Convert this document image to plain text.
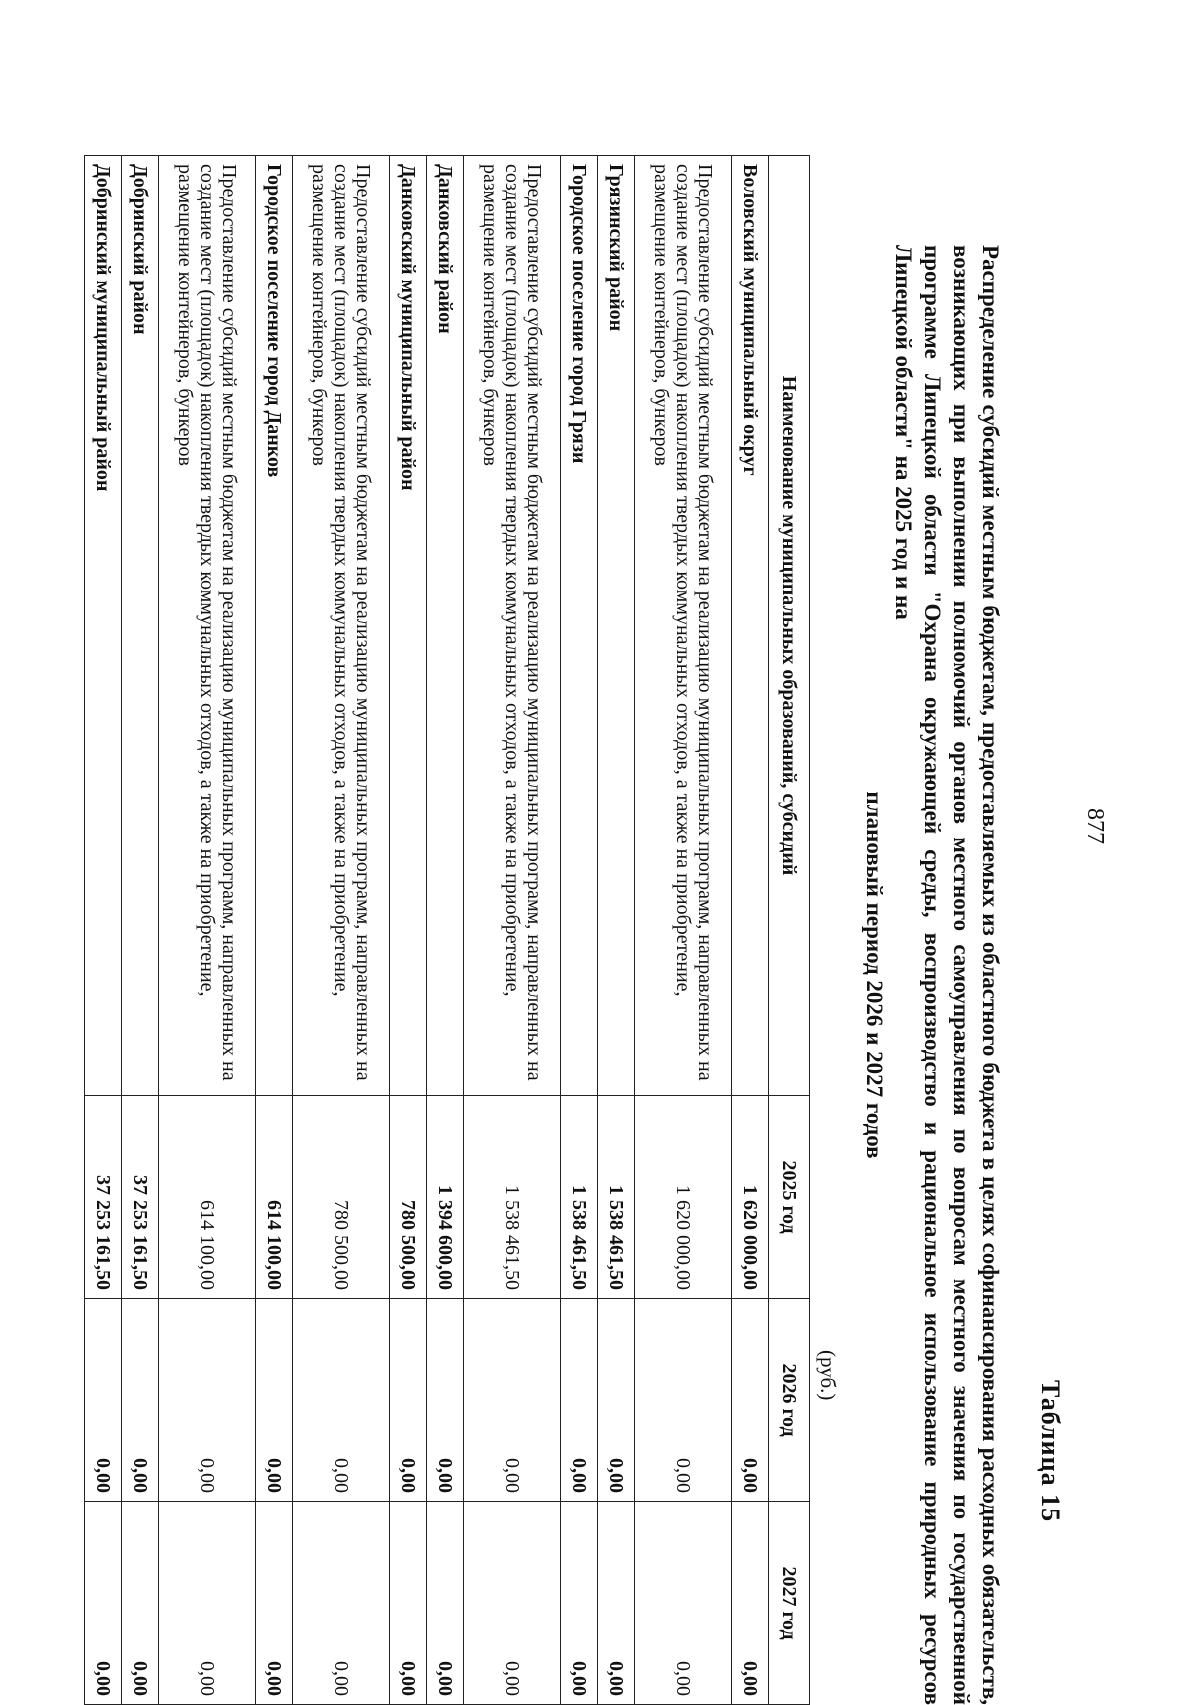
877
Таблица 15
Распределение субсидий местным бюджетам, предоставляемых из областного бюджета в целях софинансирования расходных обязательств, возникающих при выполнении полномочий органов местного самоуправления по вопросам местного значения по государственной программе Липецкой области "Охрана окружающей среды, воспроизводство и рациональное использование природных ресурсов Липецкой области" на 2025 год и на
плановый период 2026 и 2027 годов
(руб.)
Наименование муниципальных образований, субсидий	2025 год	2026 год	2027 год
Воловский муниципальный округ	1 620 000,00	0,00	0,00
Предоставление субсидий местным бюджетам на реализацию муниципальных программ, направленных на создание мест (площадок) накопления твердых коммунальных отходов, а также на приобретение, размещение контейнеров, бункеров	1 620 000,00	0,00	0,00
Грязинский район	1 538 461,50	0,00	0,00
Городское поселение город Грязи	1 538 461,50	0,00	0,00
Предоставление субсидий местным бюджетам на реализацию муниципальных программ, направленных на создание мест (площадок) накопления твердых коммунальных отходов, а также на приобретение, размещение контейнеров, бункеров	1 538 461,50	0,00	0,00
Данковский район	1 394 600,00	0,00	0,00
Данковский муниципальный район	780 500,00	0,00	0,00
Предоставление субсидий местным бюджетам на реализацию муниципальных программ, направленных на создание мест (площадок) накопления твердых коммунальных отходов, а также на приобретение, размещение контейнеров, бункеров	780 500,00	0,00	0,00
Городское поселение город Данков	614 100,00	0,00	0,00
Предоставление субсидий местным бюджетам на реализацию муниципальных программ, направленных на создание мест (площадок) накопления твердых коммунальных отходов, а также на приобретение, размещение контейнеров, бункеров	614 100,00	0,00	0,00
Добринский район	37 253 161,50	0,00	0,00
Добринский муниципальный район	37 253 161,50	0,00	0,00
